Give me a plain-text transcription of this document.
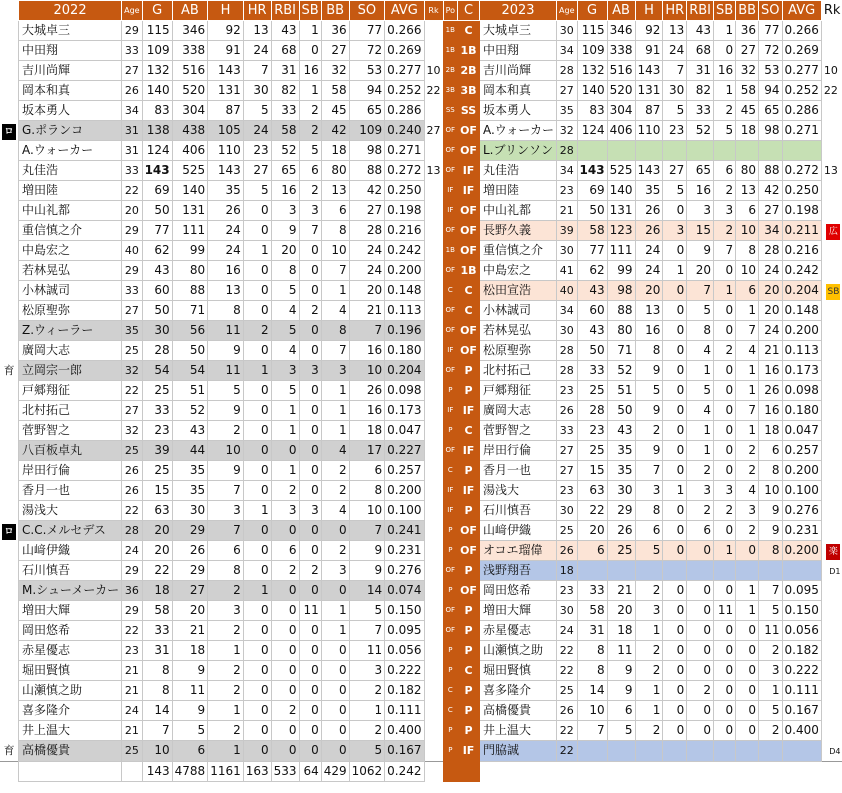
	2022	Age	G	AB	H	HR	RBI	SB	BB	SO	AVG	Rk	Po	C	2023	Age	G	AB	H	HR	RBI	SB	BB	SO	AVG	Rk
	大城卓三	29	115	346	92	13	43	1	36	77	0.266		1B	C	大城卓三	30	115	346	92	13	43	1	36	77	0.266	
	中田翔	33	109	338	91	24	68	0	27	72	0.269		1B	1B	中田翔	34	109	338	91	24	68	0	27	72	0.269	
	吉川尚輝	27	132	516	143	7	31	16	32	53	0.277	10	2B	2B	吉川尚輝	28	132	516	143	7	31	16	32	53	0.277	10
	岡本和真	26	140	520	131	30	82	1	58	94	0.252	22	3B	3B	岡本和真	27	140	520	131	30	82	1	58	94	0.252	22
	坂本勇人	34	83	304	87	5	33	2	45	65	0.286		SS	SS	坂本勇人	35	83	304	87	5	33	2	45	65	0.286	
ロ	G.ポランコ	31	138	438	105	24	58	2	42	109	0.240	27	OF	OF	A.ウォーカー	32	124	406	110	23	52	5	18	98	0.271	
	A.ウォーカー	31	124	406	110	23	52	5	18	98	0.271		OF	OF	L.ブリンソン	28										
	丸佳浩	33	143	525	143	27	65	6	80	88	0.272	13	OF	IF	丸佳浩	34	143	525	143	27	65	6	80	88	0.272	13
	増田陸	22	69	140	35	5	16	2	13	42	0.250		IF	IF	増田陸	23	69	140	35	5	16	2	13	42	0.250	
	中山礼都	20	50	131	26	0	3	3	6	27	0.198		IF	OF	中山礼都	21	50	131	26	0	3	3	6	27	0.198	
	重信慎之介	29	77	111	24	0	9	7	8	28	0.216		OF	OF	長野久義	39	58	123	26	3	15	2	10	34	0.211	広
	中島宏之	40	62	99	24	1	20	0	10	24	0.242		1B	OF	重信慎之介	30	77	111	24	0	9	7	8	28	0.216	
	若林晃弘	29	43	80	16	0	8	0	7	24	0.200		OF	1B	中島宏之	41	62	99	24	1	20	0	10	24	0.242	
	小林誠司	33	60	88	13	0	5	0	1	20	0.148		C	C	松田宣浩	40	43	98	20	0	7	1	6	20	0.204	SB
	松原聖弥	27	50	71	8	0	4	2	4	21	0.113		OF	C	小林誠司	34	60	88	13	0	5	0	1	20	0.148	
	Z.ウィーラー	35	30	56	11	2	5	0	8	7	0.196		OF	OF	若林晃弘	30	43	80	16	0	8	0	7	24	0.200	
	廣岡大志	25	28	50	9	0	4	0	7	16	0.180		IF	OF	松原聖弥	28	50	71	8	0	4	2	4	21	0.113	
育	立岡宗一郎	32	54	54	11	1	3	3	3	10	0.204		OF	P	北村拓己	28	33	52	9	0	1	0	1	16	0.173	
	戸郷翔征	22	25	51	5	0	5	0	1	26	0.098		P	P	戸郷翔征	23	25	51	5	0	5	0	1	26	0.098	
	北村拓己	27	33	52	9	0	1	0	1	16	0.173		IF	IF	廣岡大志	26	28	50	9	0	4	0	7	16	0.180	
	菅野智之	32	23	43	2	0	1	0	1	18	0.047		P	C	菅野智之	33	23	43	2	0	1	0	1	18	0.047	
	八百板卓丸	25	39	44	10	0	0	0	4	17	0.227		OF	IF	岸田行倫	27	25	35	9	0	1	0	2	6	0.257	
	岸田行倫	26	25	35	9	0	1	0	2	6	0.257		C	P	香月一也	27	15	35	7	0	2	0	2	8	0.200	
	香月一也	26	15	35	7	0	2	0	2	8	0.200		IF	IF	湯浅大	23	63	30	3	1	3	3	4	10	0.100	
	湯浅大	22	63	30	3	1	3	3	4	10	0.100		IF	P	石川慎吾	30	22	29	8	0	2	2	3	9	0.276	
ロ	C.C.メルセデス	28	20	29	7	0	0	0	0	7	0.241		P	OF	山﨑伊織	25	20	26	6	0	6	0	2	9	0.231	
	山﨑伊織	24	20	26	6	0	6	0	2	9	0.231		P	OF	オコエ瑠偉	26	6	25	5	0	0	1	0	8	0.200	楽
	石川慎吾	29	22	29	8	0	2	2	3	9	0.276		OF	P	浅野翔吾	18										D1
	M.シューメーカー	36	18	27	2	1	0	0	0	14	0.074		P	OF	岡田悠希	23	33	21	2	0	0	0	1	7	0.095	
	増田大輝	29	58	20	3	0	0	11	1	5	0.150		OF	P	増田大輝	30	58	20	3	0	0	11	1	5	0.150	
	岡田悠希	22	33	21	2	0	0	0	1	7	0.095		OF	P	赤星優志	24	31	18	1	0	0	0	0	11	0.056	
	赤星優志	23	31	18	1	0	0	0	0	11	0.056		P	P	山瀬慎之助	22	8	11	2	0	0	0	0	2	0.182	
	堀田賢慎	21	8	9	2	0	0	0	0	3	0.222		P	C	堀田賢慎	22	8	9	2	0	0	0	0	3	0.222	
	山瀬慎之助	21	8	11	2	0	0	0	0	2	0.182		C	P	喜多隆介	25	14	9	1	0	2	0	0	1	0.111	
	喜多隆介	24	14	9	1	0	2	0	0	1	0.111		C	P	高橋優貴	26	10	6	1	0	0	0	0	5	0.167	
	井上温大	21	7	5	2	0	0	0	0	2	0.400		P	P	井上温大	22	7	5	2	0	0	0	0	2	0.400	
育	高橋優貴	25	10	6	1	0	0	0	0	5	0.167		P	IF	門脇誠	22										D4
			143	4788	1161	163	533	64	429	1062	0.242															
